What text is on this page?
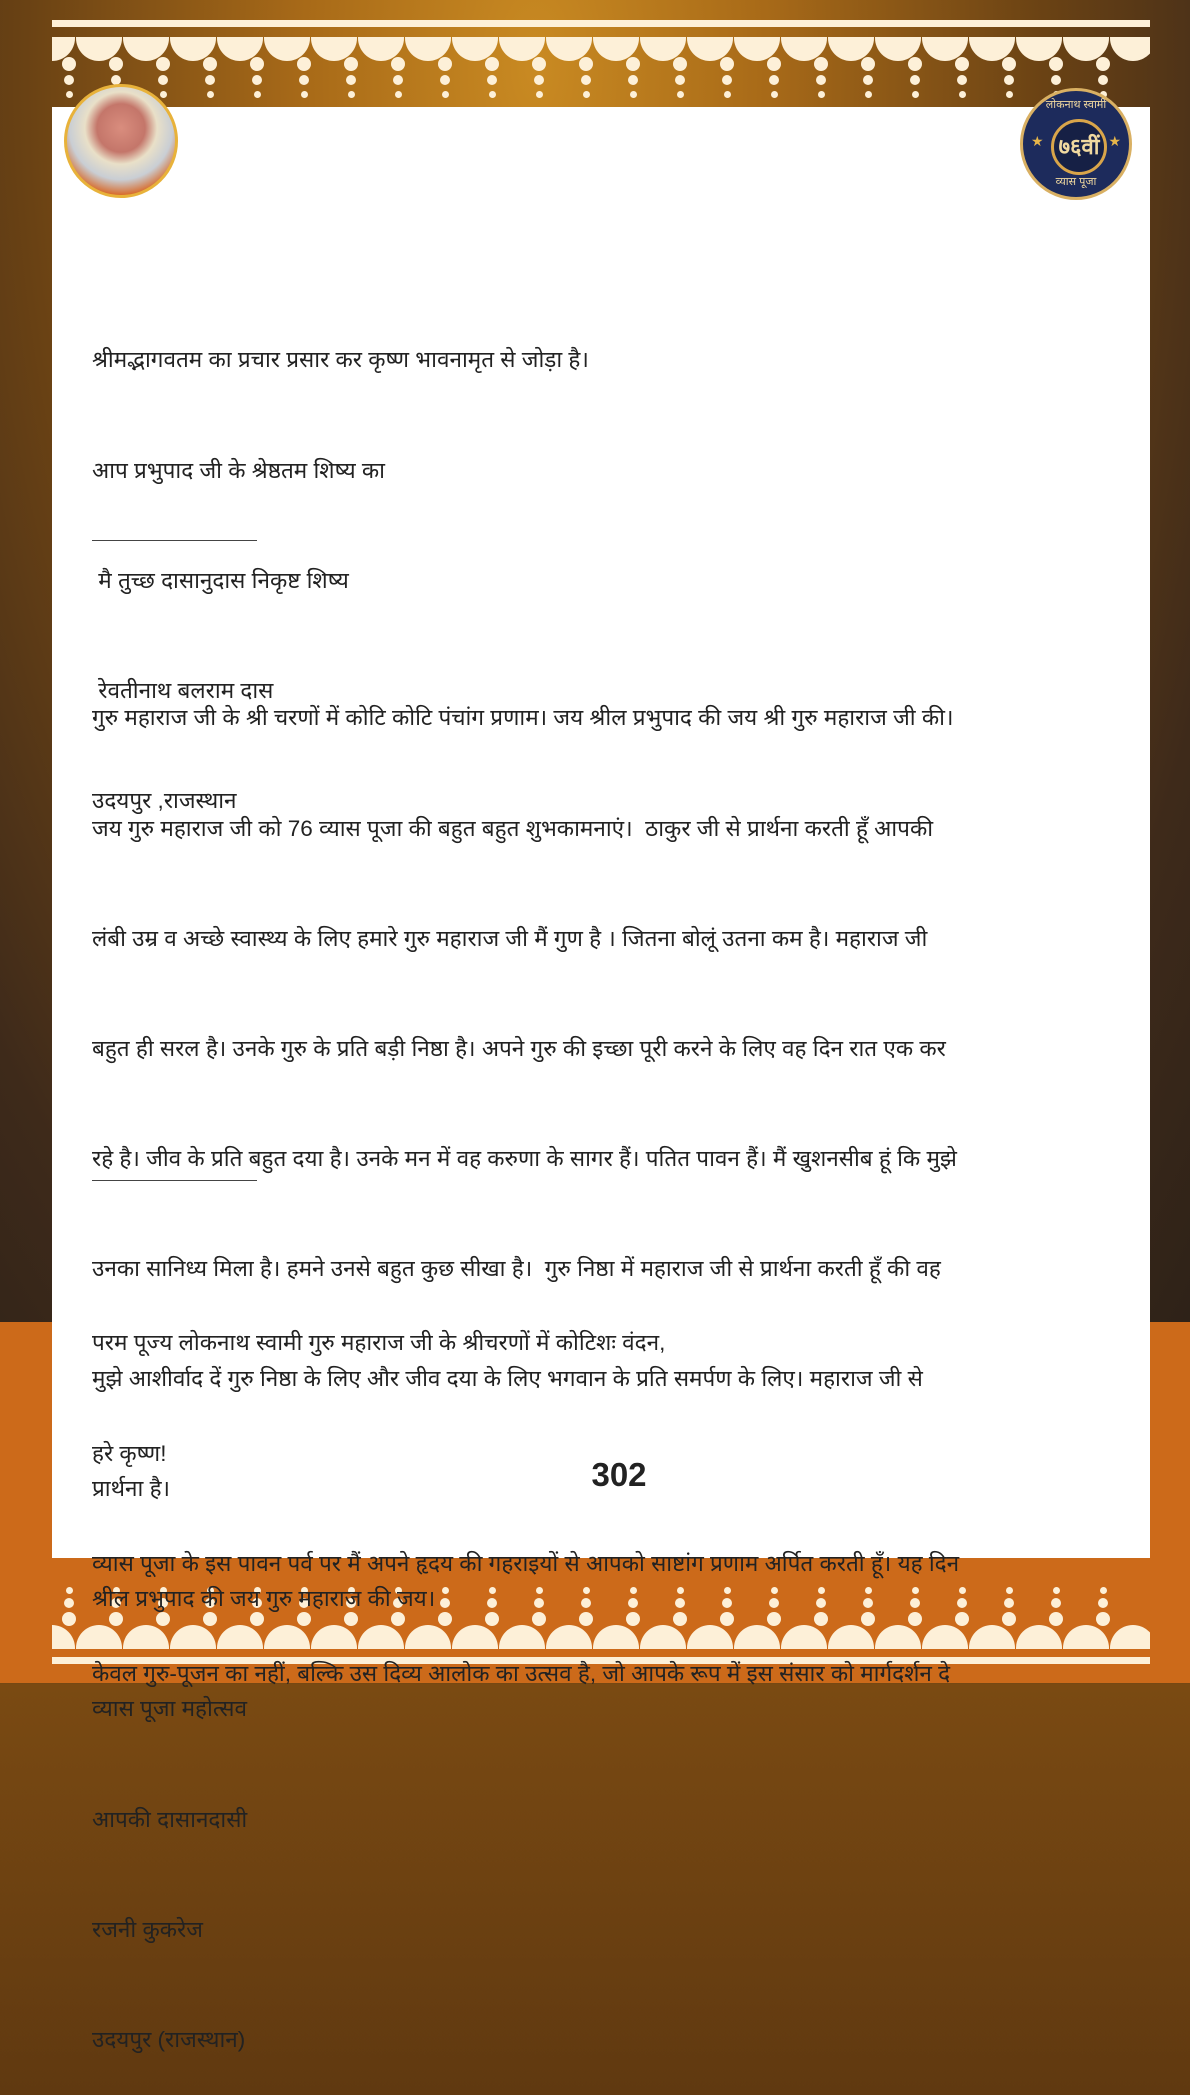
लोकनाथ स्वामी
★ ७६वीं ★
व्यास पूजा

श्रीमद्भागवतम का प्रचार प्रसार कर कृष्ण भावनामृत से जोड़ा है।

आप प्रभुपाद जी के श्रेष्ठतम शिष्य का

मै तुच्छ दासानुदास निकृष्ट शिष्य

रेवतीनाथ बलराम दास

उदयपुर ,राजस्थान

गुरु महाराज जी के श्री चरणों में कोटि कोटि पंचांग प्रणाम। जय श्रील प्रभुपाद की जय श्री गुरु महाराज जी की।

जय गुरु महाराज जी को 76 व्यास पूजा की बहुत बहुत शुभकामनाएं।  ठाकुर जी से प्रार्थना करती हूँ आपकी

लंबी उम्र व अच्छे स्वास्थ्य के लिए हमारे गुरु महाराज जी मैं गुण है । जितना बोलूं उतना कम है। महाराज जी

बहुत ही सरल है। उनके गुरु के प्रति बड़ी निष्ठा है। अपने गुरु की इच्छा पूरी करने के लिए वह दिन रात एक कर

रहे है। जीव के प्रति बहुत दया है। उनके मन में वह करुणा के सागर हैं। पतित पावन हैं। मैं खुशनसीब हूं कि मुझे

उनका सानिध्य मिला है। हमने उनसे बहुत कुछ सीखा है।  गुरु निष्ठा में महाराज जी से प्रार्थना करती हूँ की वह

मुझे आशीर्वाद दें गुरु निष्ठा के लिए और जीव दया के लिए भगवान के प्रति समर्पण के लिए। महाराज जी से

प्रार्थना है।

श्रील प्रभुपाद की जय गुरु महाराज की जय।

व्यास पूजा महोत्सव

आपकी दासानदासी

रजनी कुकरेज

उदयपुर (राजस्थान)

परम पूज्य लोकनाथ स्वामी गुरु महाराज जी के श्रीचरणों में कोटिशः वंदन,

हरे कृष्ण!

व्यास पूजा के इस पावन पर्व पर मैं अपने हृदय की गहराइयों से आपको साष्टांग प्रणाम अर्पित करती हूँ। यह दिन

केवल गुरु-पूजन का नहीं, बल्कि उस दिव्य आलोक का उत्सव है, जो आपके रूप में इस संसार को मार्गदर्शन दे

302
